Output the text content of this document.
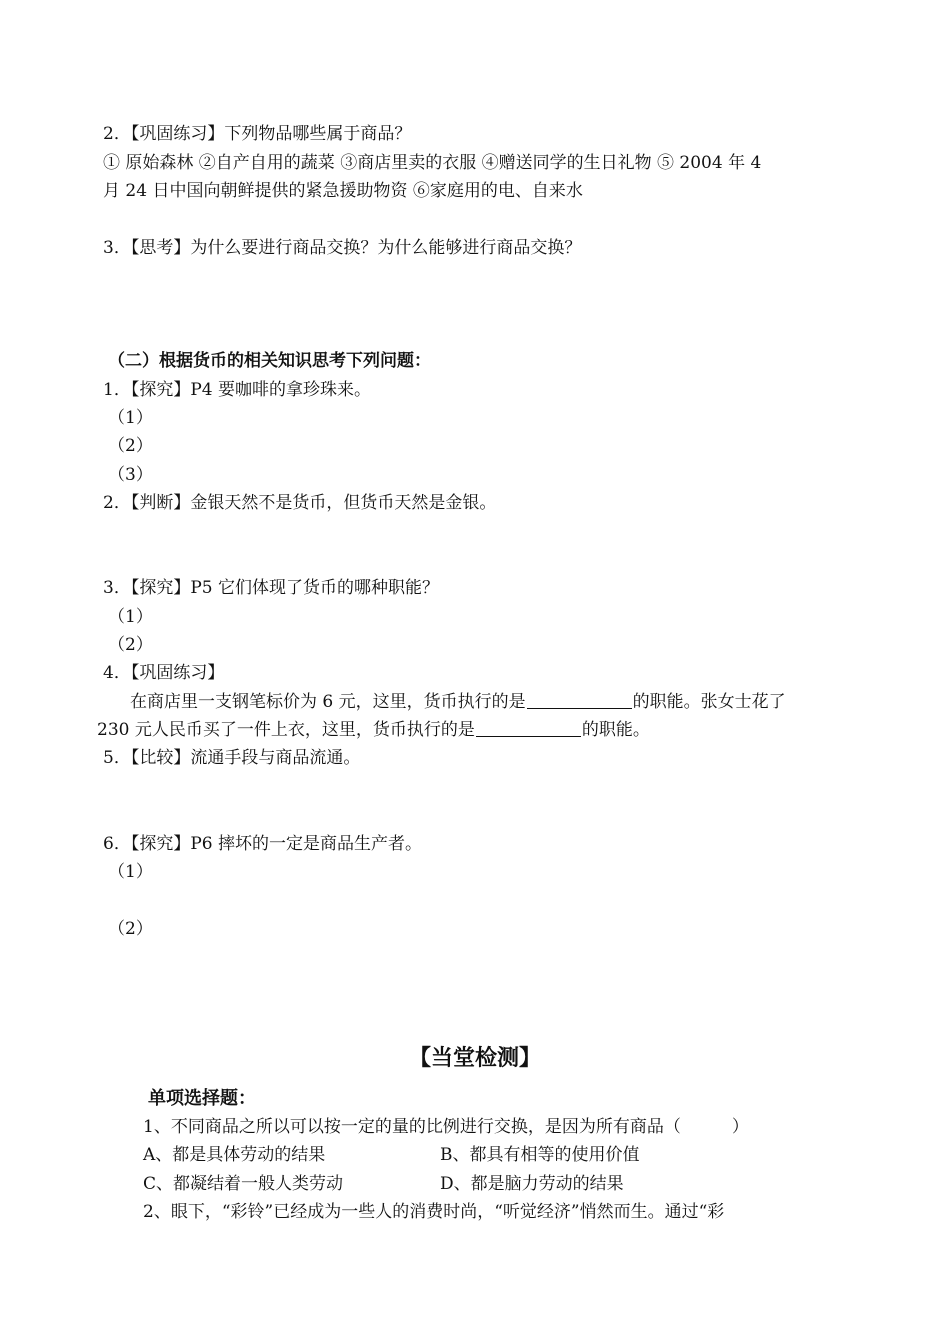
2．【巩固练习】下列物品哪些属于商品？
① 原始森林 ②自产自用的蔬菜 ③商店里卖的衣服 ④赠送同学的生日礼物 ⑤ 2004 年 4
月 24 日中国向朝鲜提供的紧急援助物资 ⑥家庭用的电、自来水
3．【思考】为什么要进行商品交换？为什么能够进行商品交换？
（二）根据货币的相关知识思考下列问题：
1．【探究】P4 要咖啡的拿珍珠来。
（1）
（2）
（3）
2．【判断】金银天然不是货币，但货币天然是金银。
3．【探究】P5 它们体现了货币的哪种职能？
（1）
（2）
4．【巩固练习】
在商店里一支钢笔标价为 6 元，这里，货币执行的是	的职能。张女士花了
230 元人民币买了一件上衣，这里，货币执行的是	的职能。
5．【比较】流通手段与商品流通。
6．【探究】P6 摔坏的一定是商品生产者。
（1）
（2）
【当堂检测】
单项选择题：
1、不同商品之所以可以按一定的量的比例进行交换，是因为所有商品（　　　）
A、都是具体劳动的结果	B、都具有相等的使用价值
C、都凝结着一般人类劳动	D、都是脑力劳动的结果
2、眼下，“彩铃”已经成为一些人的消费时尚，“听觉经济”悄然而生。通过“彩
